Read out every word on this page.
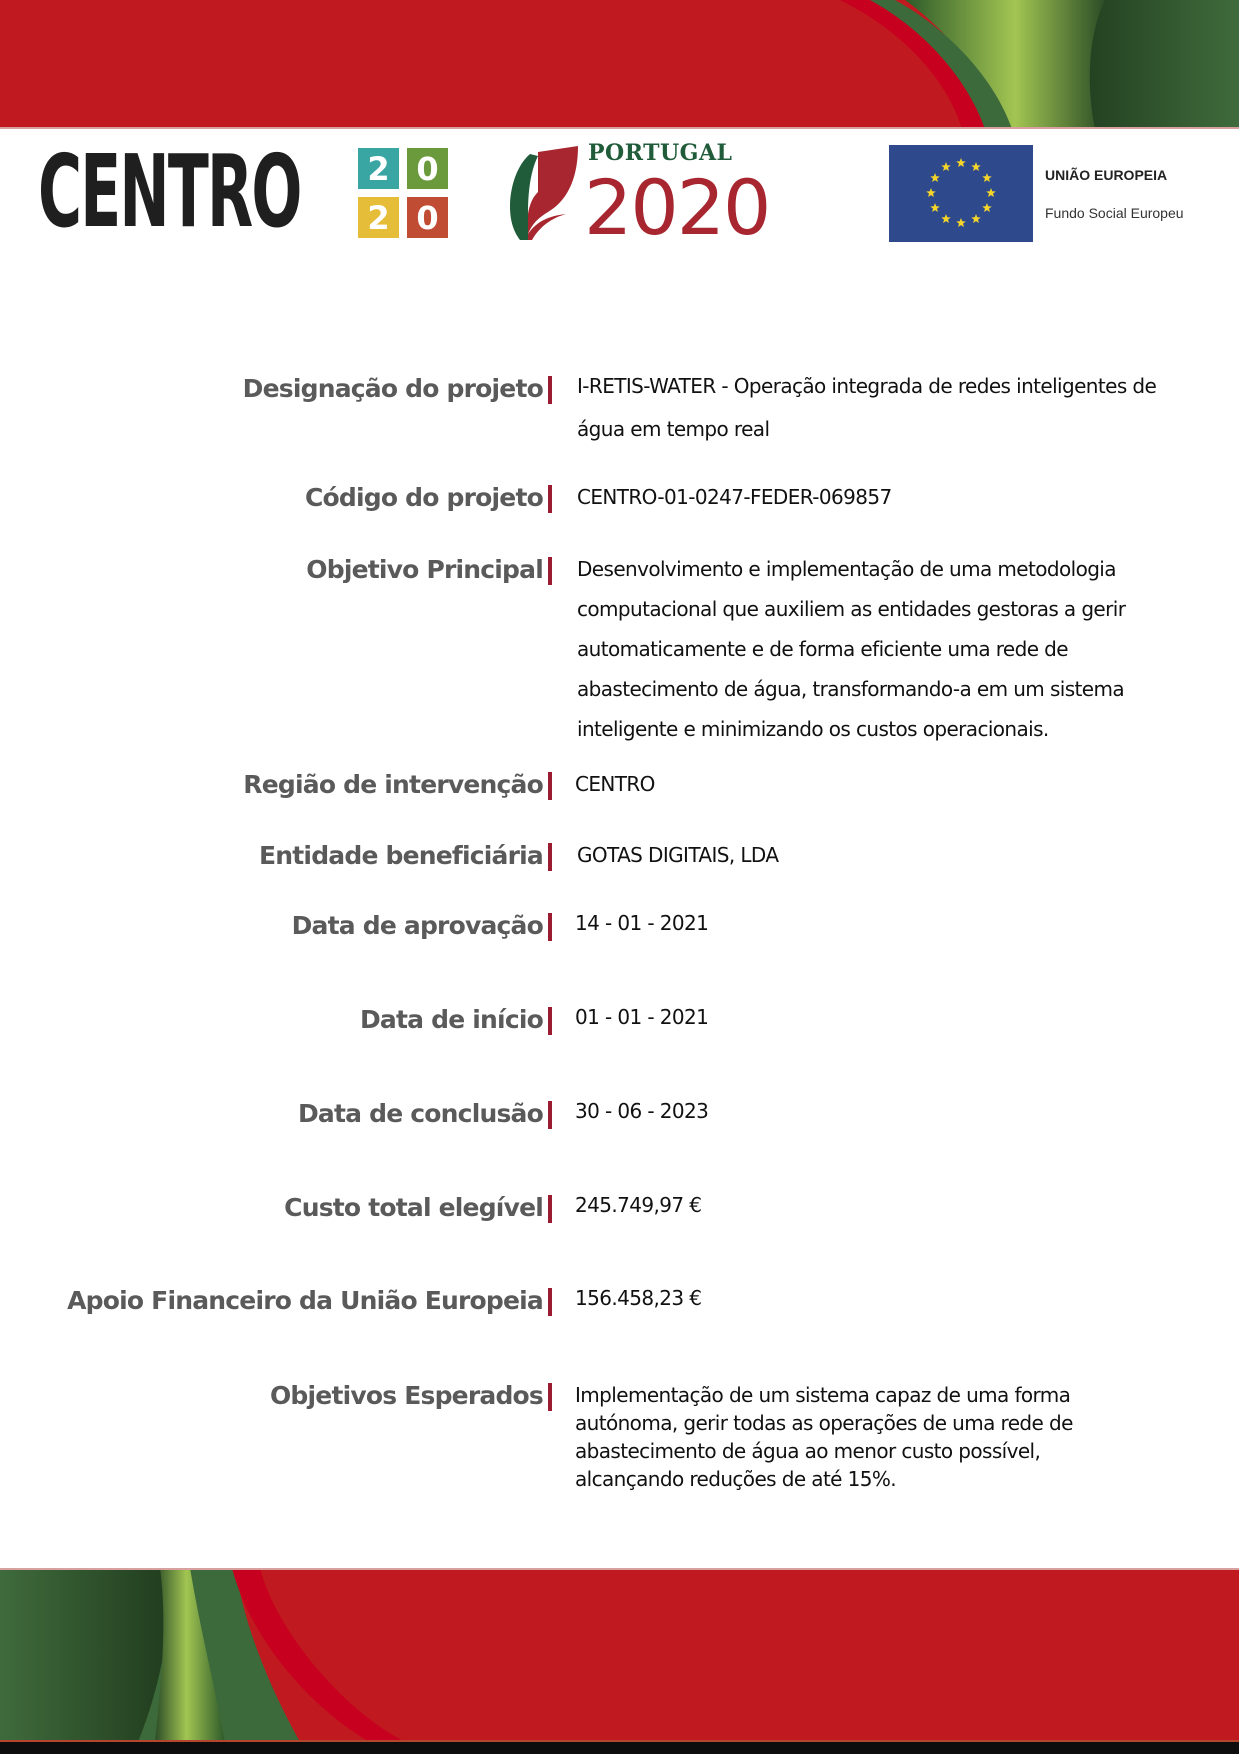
CENTRO 2 0
2 0
PORTUGAL
2020	UNIÃO EUROPEIA
Fundo Social Europeu
Designação do projeto I-RETIS-WATER - Operação integrada de redes inteligentes de água em tempo real
Código do projeto CENTRO-01-0247-FEDER-069857
Objetivo Principal Desenvolvimento e implementação de uma metodologia computacional que auxiliem as entidades gestoras a gerir automaticamente e de forma eficiente uma rede de abastecimento de água, transformando-a em um sistema inteligente e minimizando os custos operacionais.
Região de intervenção CENTRO
Entidade beneficiária GOTAS DIGITAIS, LDA
Data de aprovação 14 - 01 - 2021
Data de início 01 - 01 - 2021
Data de conclusão 30 - 06 - 2023
Custo total elegível 245.749,97 €
Apoio Financeiro da União Europeia 156.458,23 €
Objetivos Esperados Implementação de um sistema capaz de uma forma autónoma, gerir todas as operações de uma rede de abastecimento de água ao menor custo possível, alcançando reduções de até 15%.
